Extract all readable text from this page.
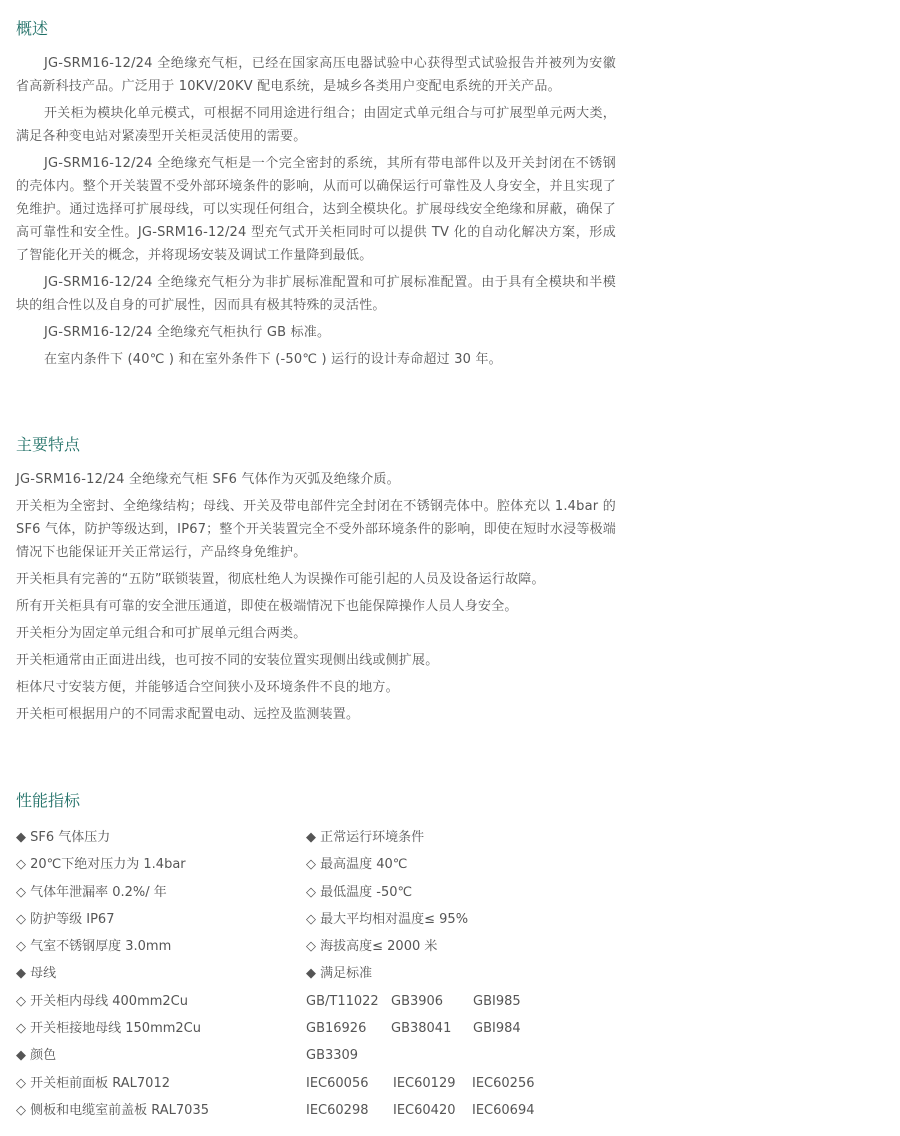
概述

JG-SRM16-12/24 全绝缘充气柜，已经在国家高压电器试验中心获得型式试验报告并被列为安徽省高新科技产品。广泛用于 10KV/20KV 配电系统，是城乡各类用户变配电系统的开关产品。

开关柜为模块化单元模式，可根据不同用途进行组合；由固定式单元组合与可扩展型单元两大类，满足各种变电站对紧凑型开关柜灵活使用的需要。

JG-SRM16-12/24 全绝缘充气柜是一个完全密封的系统，其所有带电部件以及开关封闭在不锈钢的壳体内。整个开关装置不受外部环境条件的影响，从而可以确保运行可靠性及人身安全，并且实现了免维护。通过选择可扩展母线，可以实现任何组合，达到全模块化。扩展母线安全绝缘和屏蔽，确保了高可靠性和安全性。JG-SRM16-12/24 型充气式开关柜同时可以提供 TV 化的自动化解决方案，形成了智能化开关的概念，并将现场安装及调试工作量降到最低。

JG-SRM16-12/24 全绝缘充气柜分为非扩展标准配置和可扩展标准配置。由于具有全模块和半模块的组合性以及自身的可扩展性，因而具有极其特殊的灵活性。

JG-SRM16-12/24 全绝缘充气柜执行 GB 标准。

在室内条件下 (40℃ ) 和在室外条件下 (-50℃ ) 运行的设计寿命超过 30 年。

主要特点

JG-SRM16-12/24 全绝缘充气柜 SF6 气体作为灭弧及绝缘介质。

开关柜为全密封、全绝缘结构；母线、开关及带电部件完全封闭在不锈钢壳体中。腔体充以 1.4bar 的 SF6 气体，防护等级达到，IP67；整个开关装置完全不受外部环境条件的影响，即使在短时水浸等极端情况下也能保证开关正常运行，产品终身免维护。

开关柜具有完善的“五防”联锁装置，彻底杜绝人为误操作可能引起的人员及设备运行故障。

所有开关柜具有可靠的安全泄压通道，即使在极端情况下也能保障操作人员人身安全。

开关柜分为固定单元组合和可扩展单元组合两类。

开关柜通常由正面进出线，也可按不同的安装位置实现侧出线或侧扩展。

柜体尺寸安装方便，并能够适合空间狭小及环境条件不良的地方。

开关柜可根据用户的不同需求配置电动、远控及监测装置。

性能指标
◆ SF6 气体压力	◆ 正常运行环境条件
◇ 20℃下绝对压力为 1.4bar	◇ 最高温度 40℃
◇ 气体年泄漏率 0.2%/ 年	◇ 最低温度 -50℃
◇ 防护等级 IP67	◇ 最大平均相对温度≤ 95%
◇ 气室不锈钢厚度 3.0mm	◇ 海拔高度≤ 2000 米
◆ 母线	◆ 满足标准
◇ 开关柜内母线 400mm2Cu	GB/T11022 GB3906 GBI985
◇ 开关柜接地母线 150mm2Cu	GB16926 GB38041 GBI984
◆ 颜色	GB3309
◇ 开关柜前面板 RAL7012	IEC60056 IEC60129 IEC60256
◇ 侧板和电缆室前盖板 RAL7035	IEC60298 IEC60420 IEC60694
